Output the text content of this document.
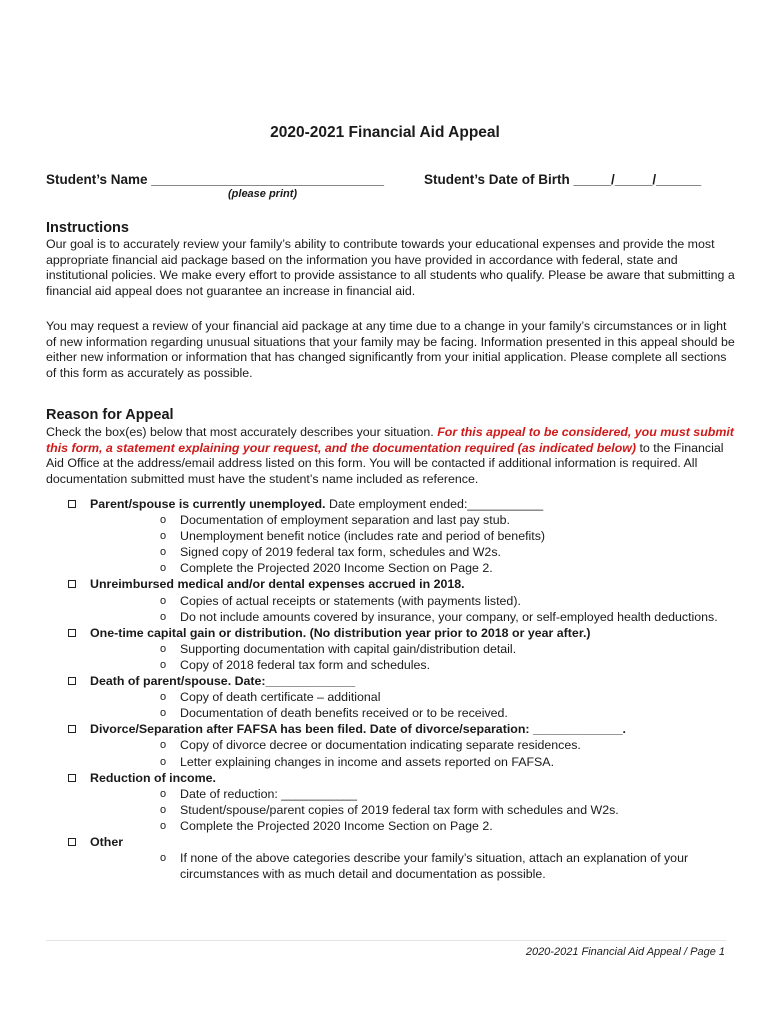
2020-2021 Financial Aid Appeal
Student’s Name _______________________________	Student’s Date of Birth _____/_____/______
(please print)
Instructions

Our goal is to accurately review your family’s ability to contribute towards your educational expenses and provide the most appropriate financial aid package based on the information you have provided in accordance with federal, state and institutional policies. We make every effort to provide assistance to all students who qualify. Please be aware that submitting a financial aid appeal does not guarantee an increase in financial aid.

You may request a review of your financial aid package at any time due to a change in your family’s circumstances or in light of new information regarding unusual situations that your family may be facing. Information presented in this appeal should be either new information or information that has changed significantly from your initial application. Please complete all sections of this form as accurately as possible.

Reason for Appeal

Check the box(es) below that most accurately describes your situation. For this appeal to be considered, you must submit this form, a statement explaining your request, and the documentation required (as indicated below) to the Financial Aid Office at the address/email address listed on this form. You will be contacted if additional information is required. All documentation submitted must have the student’s name included as reference.

Parent/spouse is currently unemployed. Date employment ended:___________
o Documentation of employment separation and last pay stub.
o Unemployment benefit notice (includes rate and period of benefits)
o Signed copy of 2019 federal tax form, schedules and W2s.
o Complete the Projected 2020 Income Section on Page 2.
Unreimbursed medical and/or dental expenses accrued in 2018.
o Copies of actual receipts or statements (with payments listed).
o Do not include amounts covered by insurance, your company, or self-employed health deductions.
One-time capital gain or distribution. (No distribution year prior to 2018 or year after.)
o Supporting documentation with capital gain/distribution detail.
o Copy of 2018 federal tax form and schedules.
Death of parent/spouse. Date:_____________
o Copy of death certificate – additional
o Documentation of death benefits received or to be received.
Divorce/Separation after FAFSA has been filed. Date of divorce/separation: _____________.
o Copy of divorce decree or documentation indicating separate residences.
o Letter explaining changes in income and assets reported on FAFSA.
Reduction of income.
o Date of reduction: ___________
o Student/spouse/parent copies of 2019 federal tax form with schedules and W2s.
o Complete the Projected 2020 Income Section on Page 2.
Other
o If none of the above categories describe your family’s situation, attach an explanation of your circumstances with as much detail and documentation as possible.
2020-2021 Financial Aid Appeal / Page 1
